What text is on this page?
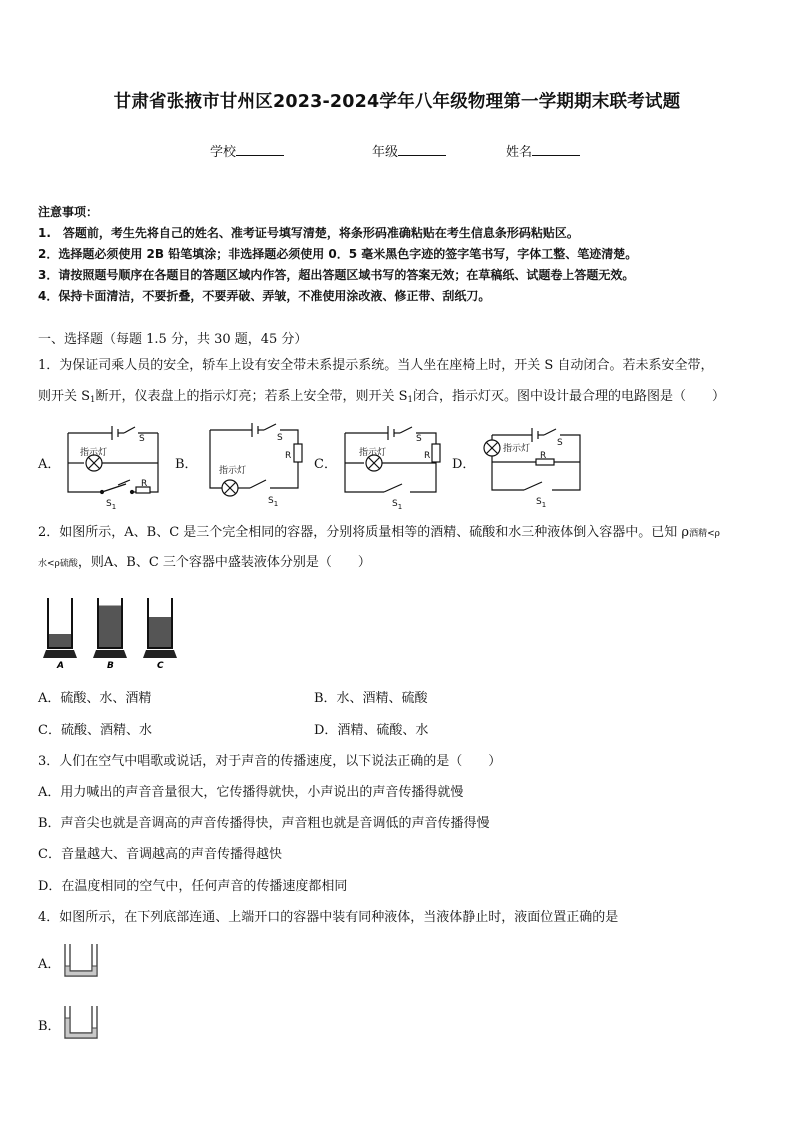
甘肃省张掖市甘州区2023-2024学年八年级物理第一学期期末联考试题
学校	年级	姓名
注意事项：
1.　答题前，考生先将自己的姓名、准考证号填写清楚，将条形码准确粘贴在考生信息条形码粘贴区。
2．选择题必须使用 2B 铅笔填涂；非选择题必须使用 0．5 毫米黑色字迹的签字笔书写，字体工整、笔迹清楚。
3．请按照题号顺序在各题目的答题区域内作答，超出答题区域书写的答案无效；在草稿纸、试题卷上答题无效。
4．保持卡面清洁，不要折叠，不要弄破、弄皱，不准使用涂改液、修正带、刮纸刀。
一、选择题（每题 1.5 分，共 30 题，45 分）
1．为保证司乘人员的安全，轿车上设有安全带未系提示系统。当人坐在座椅上时，开关 S 自动闭合。若未系安全带，
则开关 $S_1$断开，仪表盘上的指示灯亮；若系上安全带，则开关 $S_1$闭合，指示灯灭。图中设计最合理的电路图是（　　）
A．	B．	C．	D．
指示灯
S
R
$S_1$
指示灯
S
R
$S_1$
指示灯
S
R
$S_1$
指示灯
S
R
$S_1$
2．如图所示，A、B、C 是三个完全相同的容器，分别将质量相等的酒精、硫酸和水三种液体倒入容器中。已知 ρ酒精<ρ
水<ρ硫酸，则A、B、C 三个容器中盛装液体分别是（　　）
A	B	C
A．硫酸、水、酒精	B．水、酒精、硫酸
C．硫酸、酒精、水	D．酒精、硫酸、水
3．人们在空气中唱歌或说话，对于声音的传播速度，以下说法正确的是（　　）
A．用力喊出的声音音量很大，它传播得就快，小声说出的声音传播得就慢
B．声音尖也就是音调高的声音传播得快，声音粗也就是音调低的声音传播得慢
C．音量越大、音调越高的声音传播得越快
D．在温度相同的空气中，任何声音的传播速度都相同
4．如图所示，在下列底部连通、上端开口的容器中装有同种液体，当液体静止时，液面位置正确的是
A．
B．
